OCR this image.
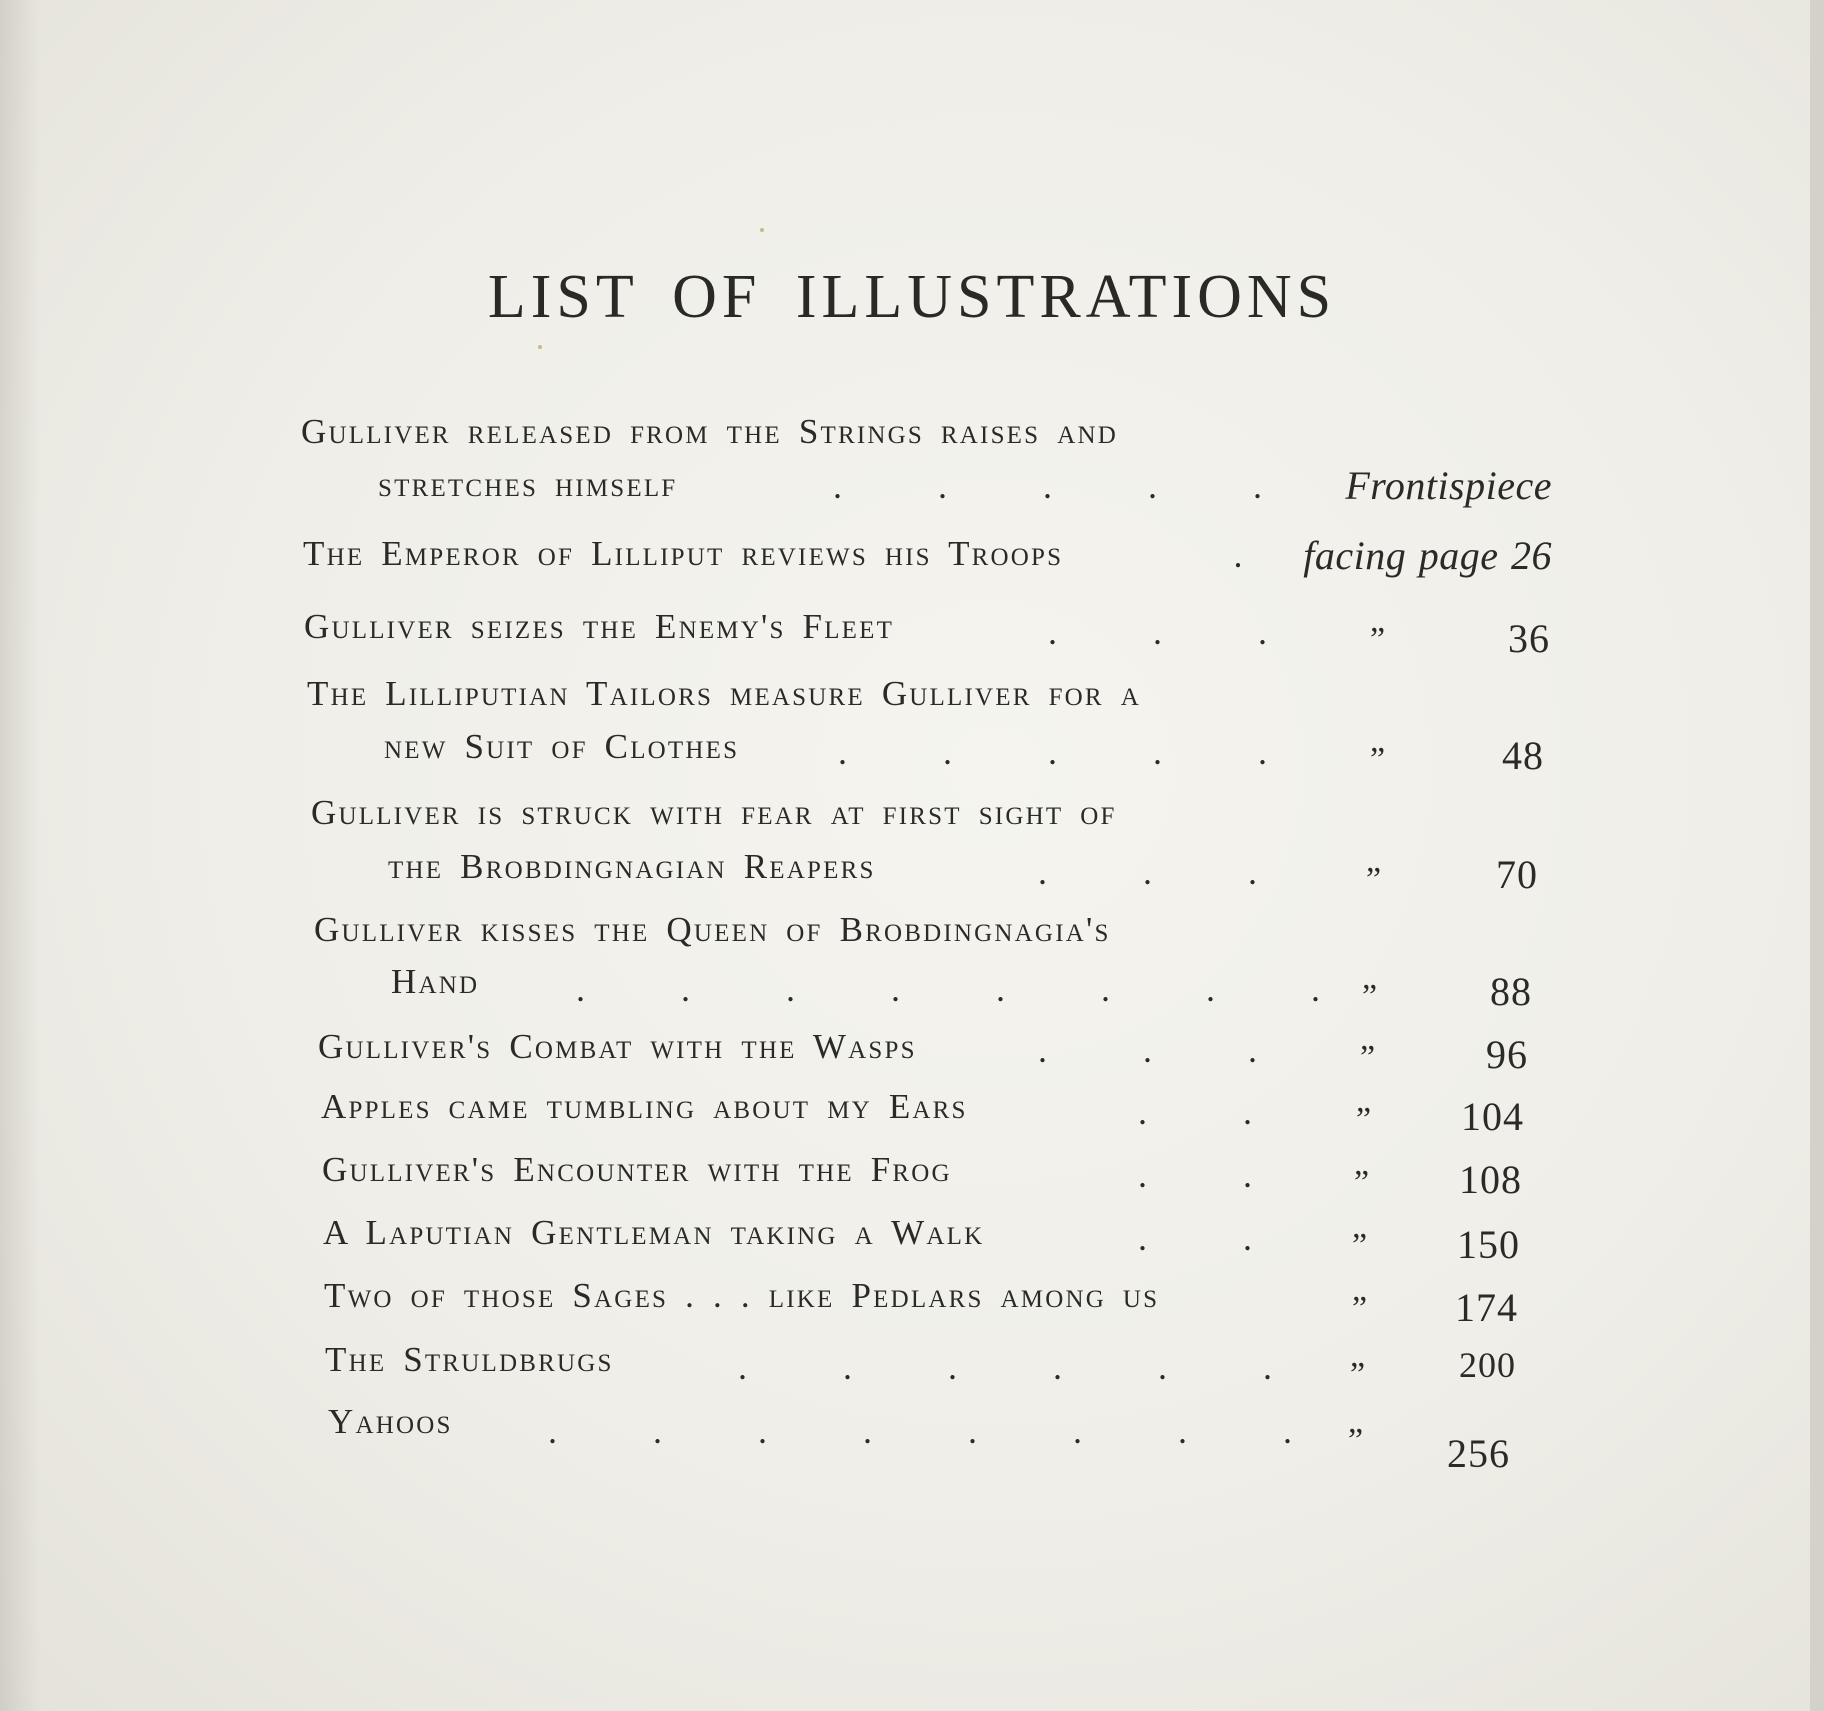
LIST OF ILLUSTRATIONS
Gulliver released from the Strings raises and
stretches himself	.	.	.	.	.	Frontispiece
The Emperor of Lilliput reviews his Troops	.	facing page 26
Gulliver seizes the Enemy's Fleet	.	.	.	”	36
The Lilliputian Tailors measure Gulliver for a
new Suit of Clothes	.	.	.	.	.	”	48
Gulliver is struck with fear at first sight of
the Brobdingnagian Reapers	.	.	.	”	70
Gulliver kisses the Queen of Brobdingnagia's
Hand	.	.	.	.	.	.	.	.	”	88
Gulliver's Combat with the Wasps	.	.	.	”	96
Apples came tumbling about my Ears	.	.	” 104
Gulliver's Encounter with the Frog	.	.	” 108
A Laputian Gentleman taking a Walk	.	.	” 150
Two of those Sages . . . like Pedlars among us	” 174
The Struldbrugs	.	.	.	.	.	.	”	200
Yahoos	.	.	.	.	.	.	.	.	” 256
